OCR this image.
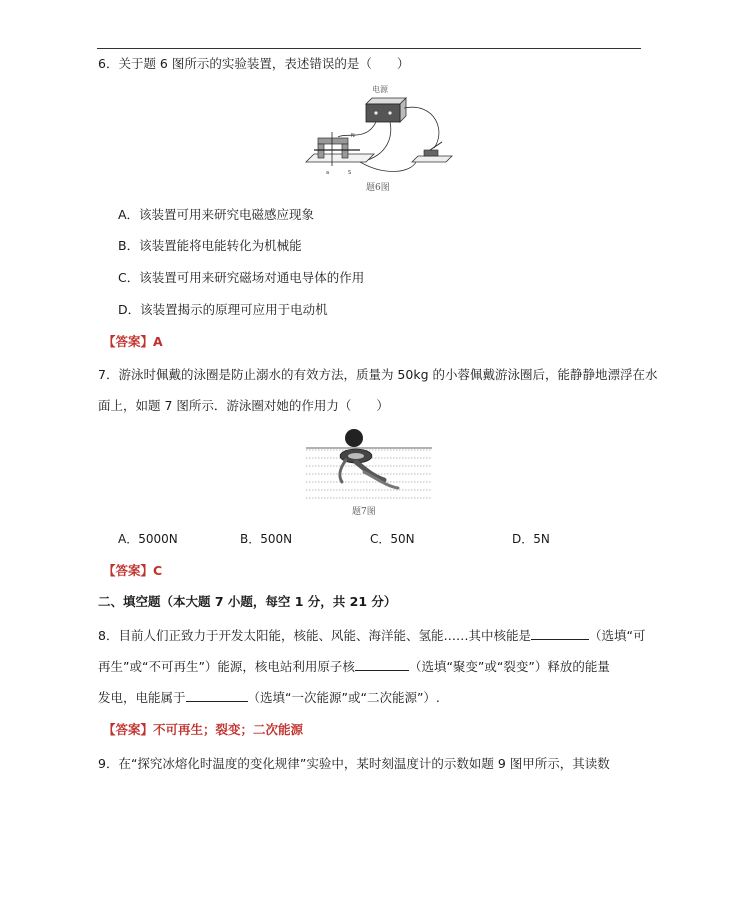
6．关于题 6 图所示的实验装置，表述错误的是（　　）
N
a	S
电源
题6图
A．该装置可用来研究电磁感应现象
B．该装置能将电能转化为机械能
C．该装置可用来研究磁场对通电导体的作用
D．该装置揭示的原理可应用于电动机
【答案】A
7．游泳时佩戴的泳圈是防止溺水的有效方法，质量为 50kg 的小蓉佩戴游泳圈后，能静静地漂浮在水
面上，如题 7 图所示．游泳圈对她的作用力（　　）
题7图
A．5000N	B．500N	C．50N	D．5N
【答案】C
二、填空题（本大题 7 小题，每空 1 分，共 21 分）
8．目前人们正致力于开发太阳能，核能、风能、海洋能、氢能……其中核能是	（选填“可
再生”或“不可再生”）能源，核电站利用原子核	（选填“聚变”或“裂变”）释放的能量
发电，电能属于	（选填“一次能源”或“二次能源”）.
【答案】不可再生；裂变；二次能源
9．在“探究冰熔化时温度的变化规律”实验中，某时刻温度计的示数如题 9 图甲所示，其读数
